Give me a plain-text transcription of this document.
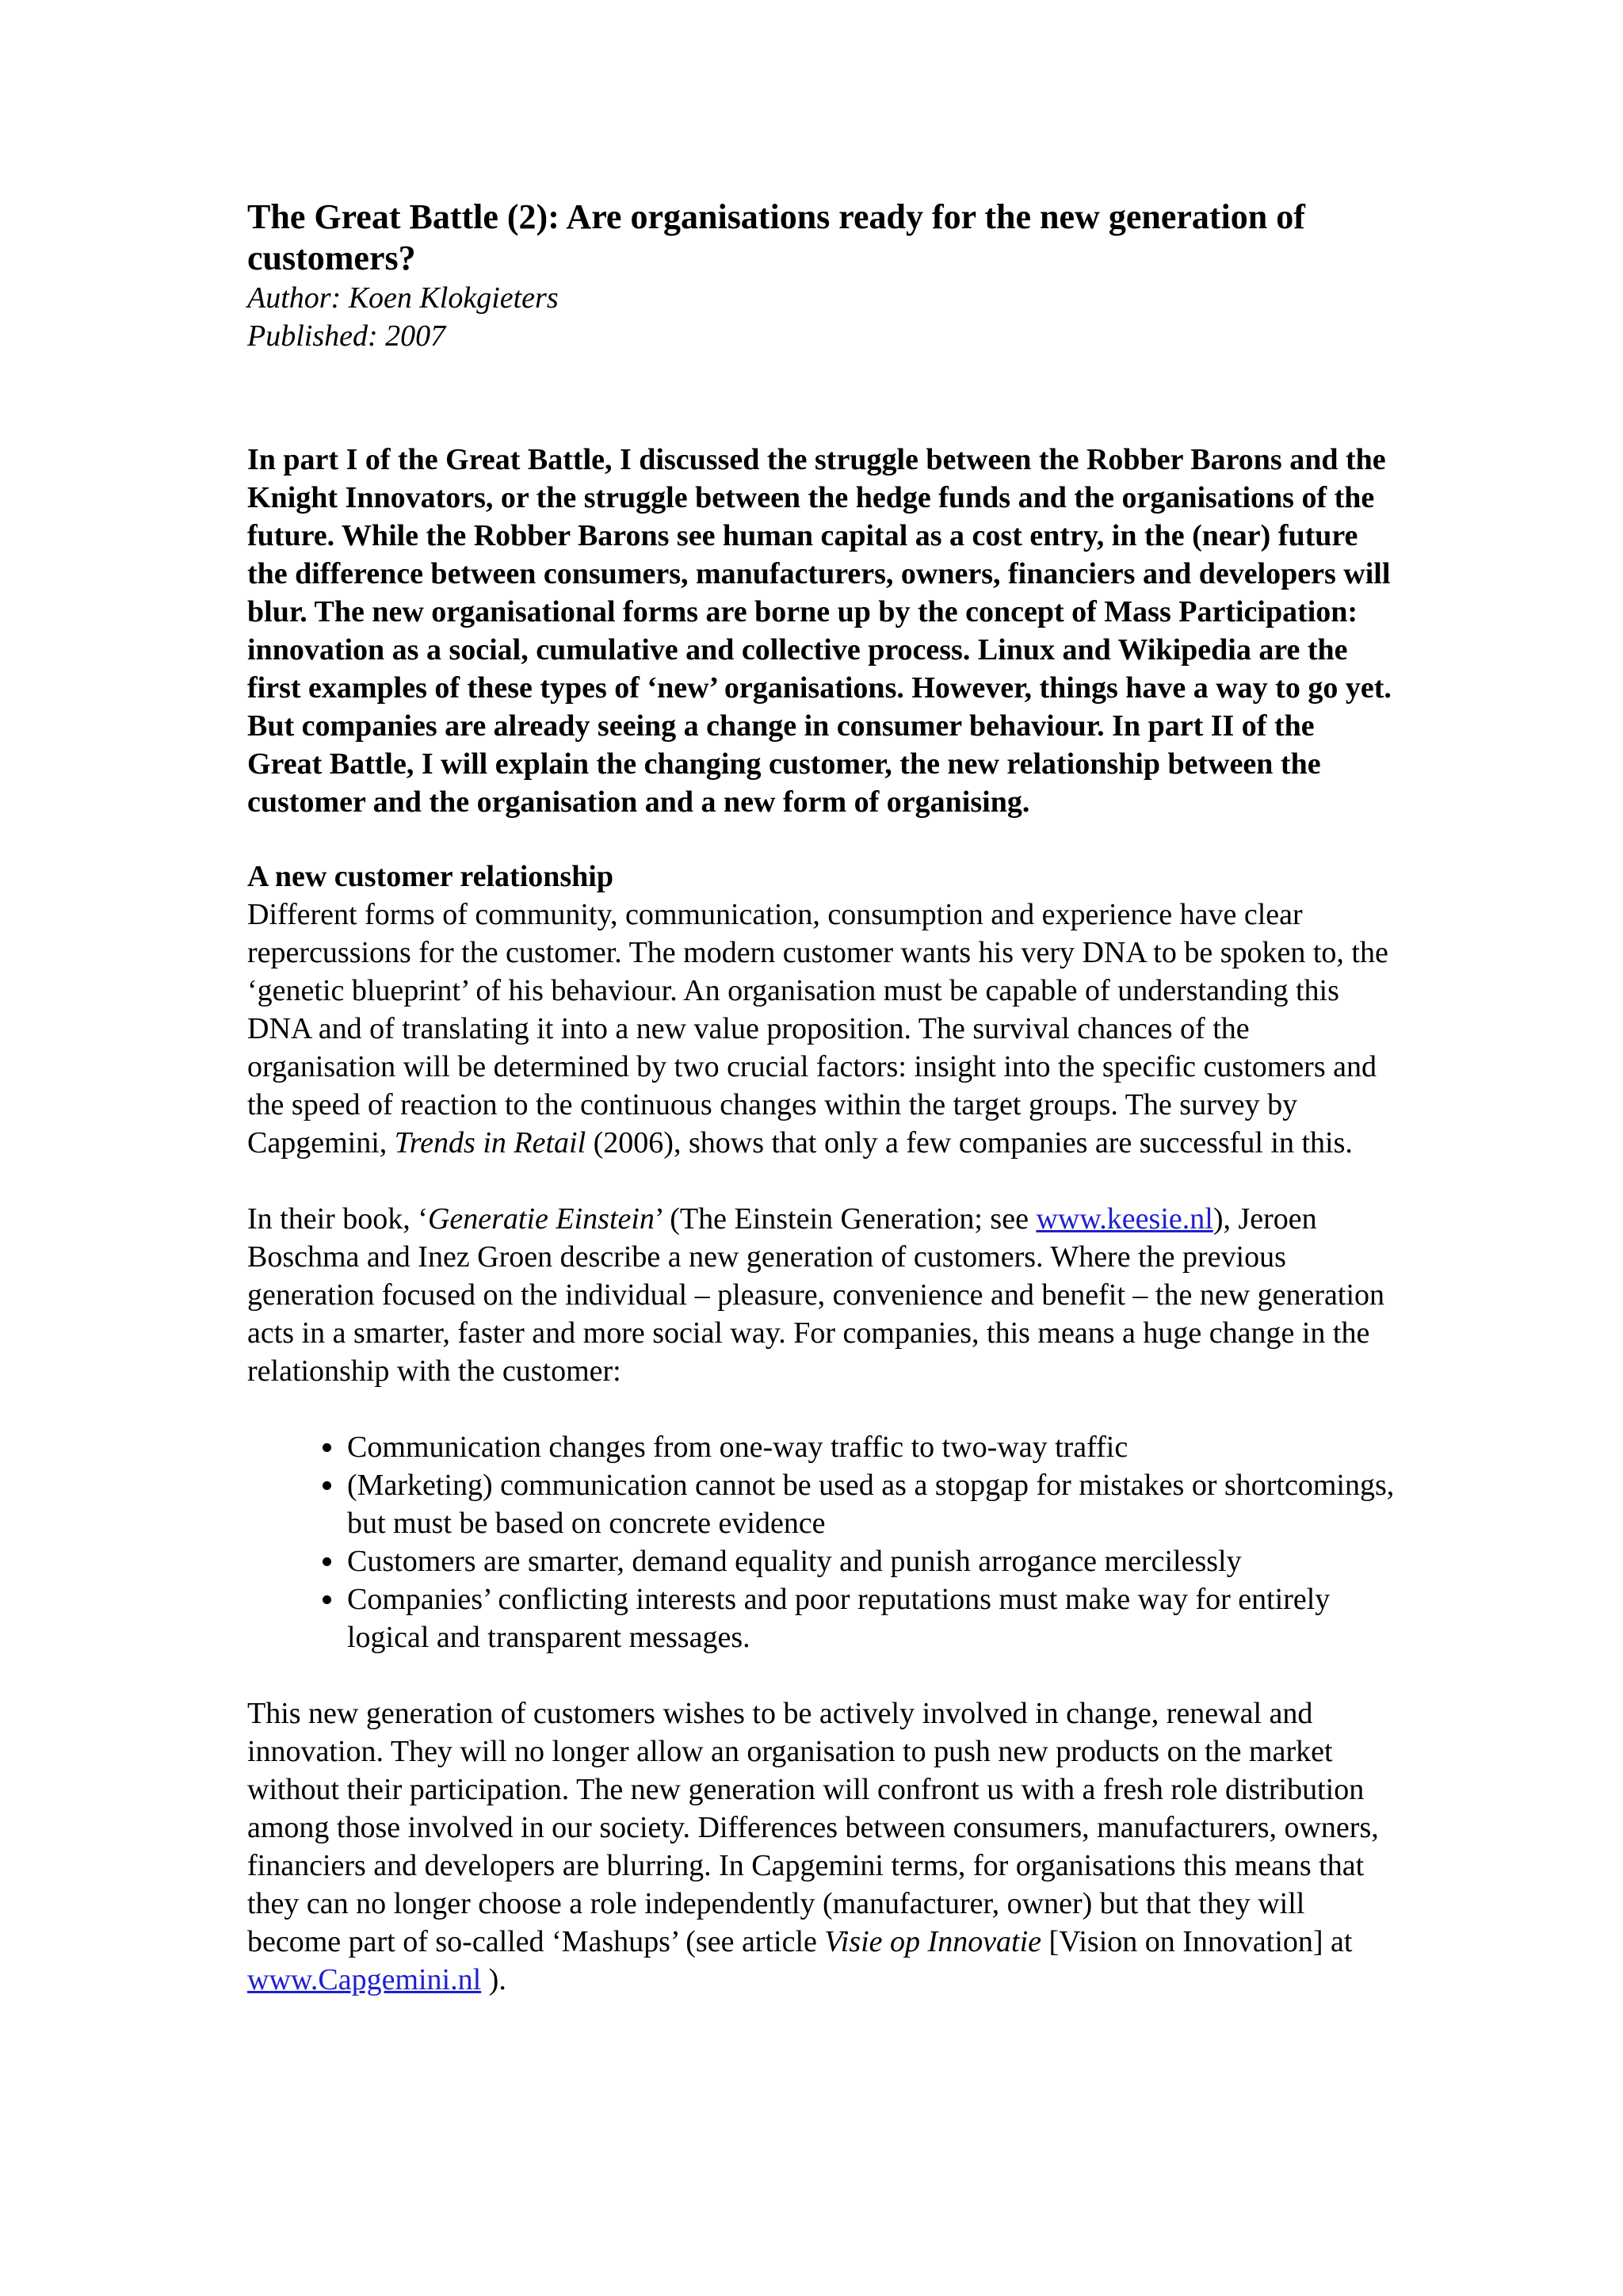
The Great Battle (2): Are organisations ready for the new generation of customers?

Author: Koen Klokgieters

Published: 2007

In part I of the Great Battle, I discussed the struggle between the Robber Barons and the Knight Innovators, or the struggle between the hedge funds and the organisations of the future. While the Robber Barons see human capital as a cost entry, in the (near) future the difference between consumers, manufacturers, owners, financiers and developers will blur. The new organisational forms are borne up by the concept of Mass Participation: innovation as a social, cumulative and collective process. Linux and Wikipedia are the first examples of these types of ‘new’ organisations. However, things have a way to go yet. But companies are already seeing a change in consumer behaviour. In part II of the Great Battle, I will explain the changing customer, the new relationship between the customer and the organisation and a new form of organising.

A new customer relationship

Different forms of community, communication, consumption and experience have clear repercussions for the customer. The modern customer wants his very DNA to be spoken to, the ‘genetic blueprint’ of his behaviour. An organisation must be capable of understanding this DNA and of translating it into a new value proposition. The survival chances of the organisation will be determined by two crucial factors: insight into the specific customers and the speed of reaction to the continuous changes within the target groups. The survey by Capgemini, Trends in Retail (2006), shows that only a few companies are successful in this.

In their book, ‘Generatie Einstein’ (The Einstein Generation; see www.keesie.nl), Jeroen Boschma and Inez Groen describe a new generation of customers. Where the previous generation focused on the individual – pleasure, convenience and benefit – the new generation acts in a smarter, faster and more social way. For companies, this means a huge change in the relationship with the customer:

• Communication changes from one-way traffic to two-way traffic
• (Marketing) communication cannot be used as a stopgap for mistakes or shortcomings, but must be based on concrete evidence
• Customers are smarter, demand equality and punish arrogance mercilessly
• Companies’ conflicting interests and poor reputations must make way for entirely logical and transparent messages.

This new generation of customers wishes to be actively involved in change, renewal and innovation. They will no longer allow an organisation to push new products on the market without their participation. The new generation will confront us with a fresh role distribution among those involved in our society. Differences between consumers, manufacturers, owners, financiers and developers are blurring. In Capgemini terms, for organisations this means that they can no longer choose a role independently (manufacturer, owner) but that they will become part of so-called ‘Mashups’ (see article Visie op Innovatie [Vision on Innovation] at www.Capgemini.nl ).
